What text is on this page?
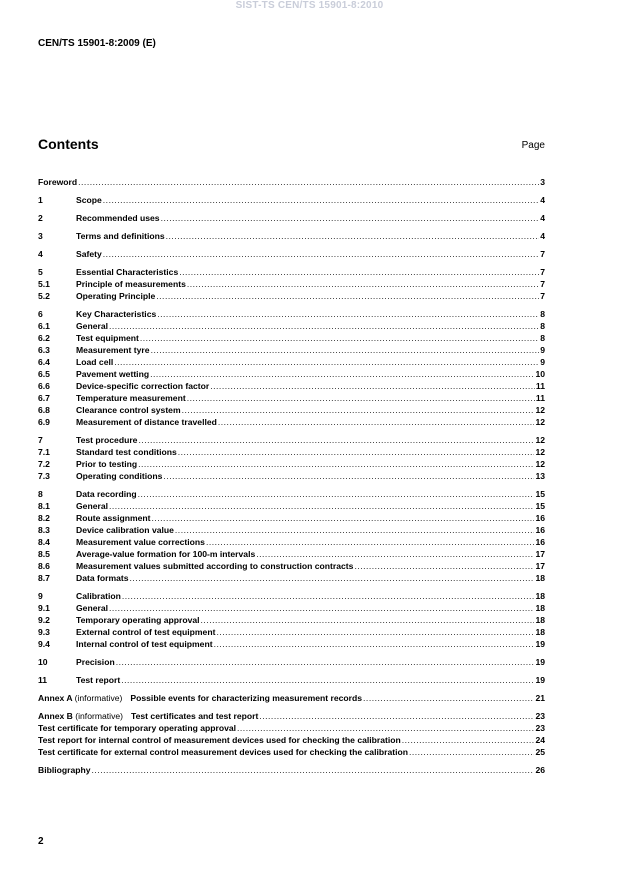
SIST-TS CEN/TS 15901-8:2010
CEN/TS 15901-8:2009 (E)
Contents	Page
Foreword .....	3
1	Scope .....	4
2	Recommended uses .....	4
3	Terms and definitions .....	4
4	Safety .....	7
5	Essential Characteristics .....	7
5.1	Principle of measurements .....	7
5.2	Operating Principle .....	7
6	Key Characteristics .....	8
6.1	General .....	8
6.2	Test equipment .....	8
6.3	Measurement tyre .....	9
6.4	Load cell .....	9
6.5	Pavement wetting .....	10
6.6	Device-specific correction factor .....	11
6.7	Temperature measurement .....	11
6.8	Clearance control system .....	12
6.9	Measurement of distance travelled .....	12
7	Test procedure .....	12
7.1	Standard test conditions .....	12
7.2	Prior to testing .....	12
7.3	Operating conditions .....	13
8	Data recording .....	15
8.1	General .....	15
8.2	Route assignment .....	16
8.3	Device calibration value .....	16
8.4	Measurement value corrections .....	16
8.5	Average-value formation for 100-m intervals .....	17
8.6	Measurement values submitted according to construction contracts .....	17
8.7	Data formats .....	18
9	Calibration .....	18
9.1	General .....	18
9.2	Temporary operating approval .....	18
9.3	External control of test equipment .....	18
9.4	Internal control of test equipment .....	19
10	Precision .....	19
11	Test report .....	19
Annex A (informative) Possible events for characterizing measurement records .....	21
Annex B (informative) Test certificates and test report .....	23
Test certificate for temporary operating approval .....	23
Test report for internal control of measurement devices used for checking the calibration .....	24
Test certificate for external control measurement devices used for checking the calibration .....	25
Bibliography .....	26
2
